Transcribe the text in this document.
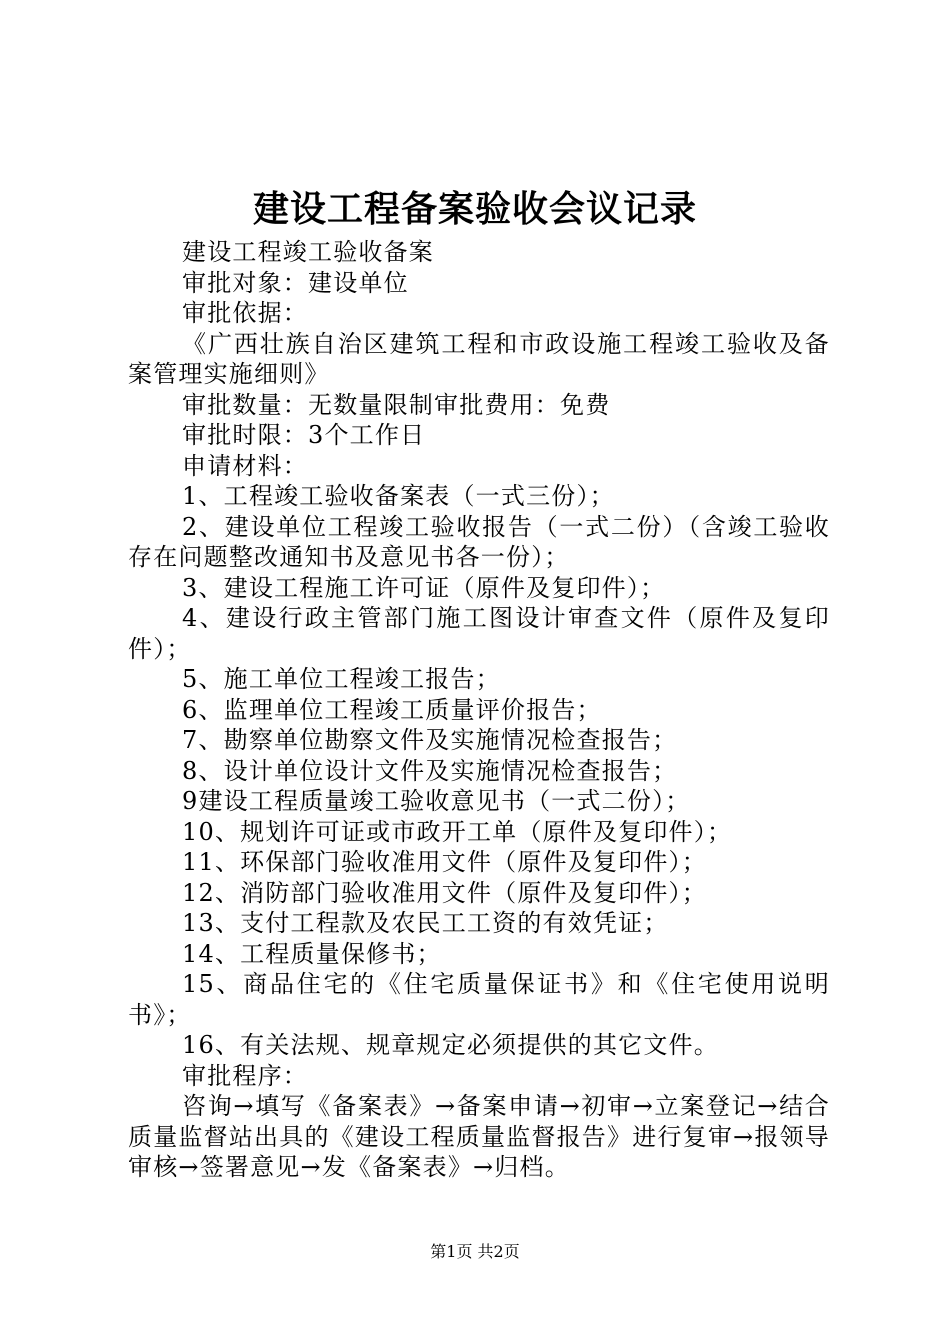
建设工程备案验收会议记录

建设工程竣工验收备案

审批对象：建设单位

审批依据：

《广西壮族自治区建筑工程和市政设施工程竣工验收及备案管理实施细则》

审批数量：无数量限制审批费用：免费

审批时限：3个工作日

申请材料：

1、工程竣工验收备案表（一式三份）；

2、建设单位工程竣工验收报告（一式二份）（含竣工验收存在问题整改通知书及意见书各一份）；

3、建设工程施工许可证（原件及复印件）；

4、建设行政主管部门施工图设计审查文件（原件及复印件）；

5、施工单位工程竣工报告；

6、监理单位工程竣工质量评价报告；

7、勘察单位勘察文件及实施情况检查报告；

8、设计单位设计文件及实施情况检查报告；

9建设工程质量竣工验收意见书（一式二份）；

10、规划许可证或市政开工单（原件及复印件）；

11、环保部门验收准用文件（原件及复印件）；

12、消防部门验收准用文件（原件及复印件）；

13、支付工程款及农民工工资的有效凭证；

14、工程质量保修书；

15、商品住宅的《住宅质量保证书》和《住宅使用说明书》；

16、有关法规、规章规定必须提供的其它文件。

审批程序：

咨询→填写《备案表》→备案申请→初审→立案登记→结合质量监督站出具的《建设工程质量监督报告》进行复审→报领导审核→签署意见→发《备案表》→归档。

第1页 共2页
